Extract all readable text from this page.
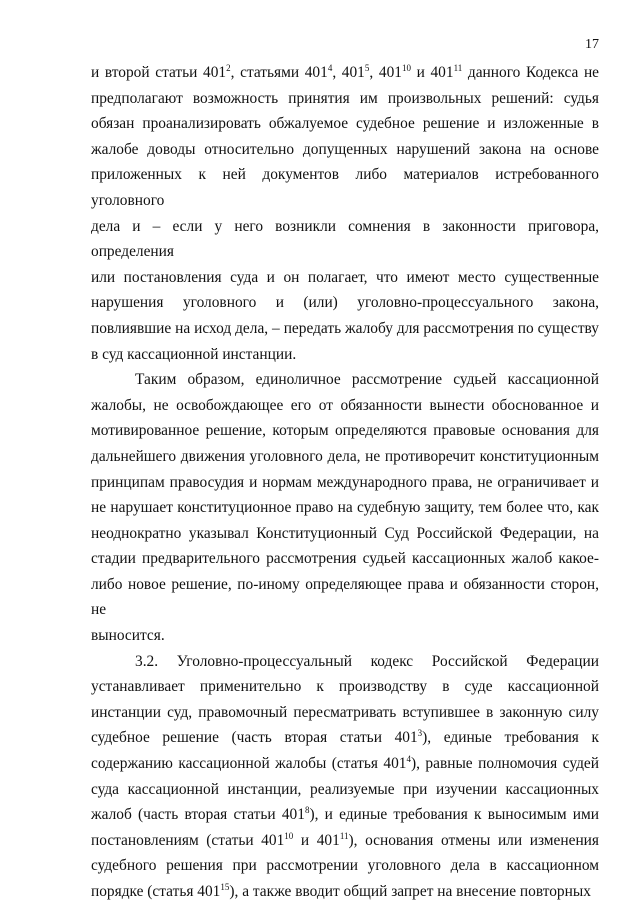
17
и второй статьи $401^2$, статьями $401^4$, $401^5$, $401^{10}$ и $401^{11}$ данного Кодекса не
предполагают возможность принятия им произвольных решений: судья
обязан проанализировать обжалуемое судебное решение и изложенные в
жалобе доводы относительно допущенных нарушений закона на основе
приложенных к ней документов либо материалов истребованного уголовного
дела и – если у него возникли сомнения в законности приговора, определения
или постановления суда и он полагает, что имеют место существенные
нарушения уголовного и (или) уголовно-процессуального закона,
повлиявшие на исход дела, – передать жалобу для рассмотрения по существу
в суд кассационной инстанции.
Таким образом, единоличное рассмотрение судьей кассационной
жалобы, не освобождающее его от обязанности вынести обоснованное и
мотивированное решение, которым определяются правовые основания для
дальнейшего движения уголовного дела, не противоречит конституционным
принципам правосудия и нормам международного права, не ограничивает и
не нарушает конституционное право на судебную защиту, тем более что, как
неоднократно указывал Конституционный Суд Российской Федерации, на
стадии предварительного рассмотрения судьей кассационных жалоб какое-
либо новое решение, по-иному определяющее права и обязанности сторон, не
выносится.
3.2. Уголовно-процессуальный кодекс Российской Федерации
устанавливает применительно к производству в суде кассационной
инстанции суд, правомочный пересматривать вступившее в законную силу
судебное решение (часть вторая статьи $401^3$), единые требования к
содержанию кассационной жалобы (статья $401^4$), равные полномочия судей
суда кассационной инстанции, реализуемые при изучении кассационных
жалоб (часть вторая статьи $401^8$), и единые требования к выносимым ими
постановлениям (статьи $401^{10}$ и $401^{11}$), основания отмены или изменения
судебного решения при рассмотрении уголовного дела в кассационном
порядке (статья $401^{15}$), а также вводит общий запрет на внесение повторных
